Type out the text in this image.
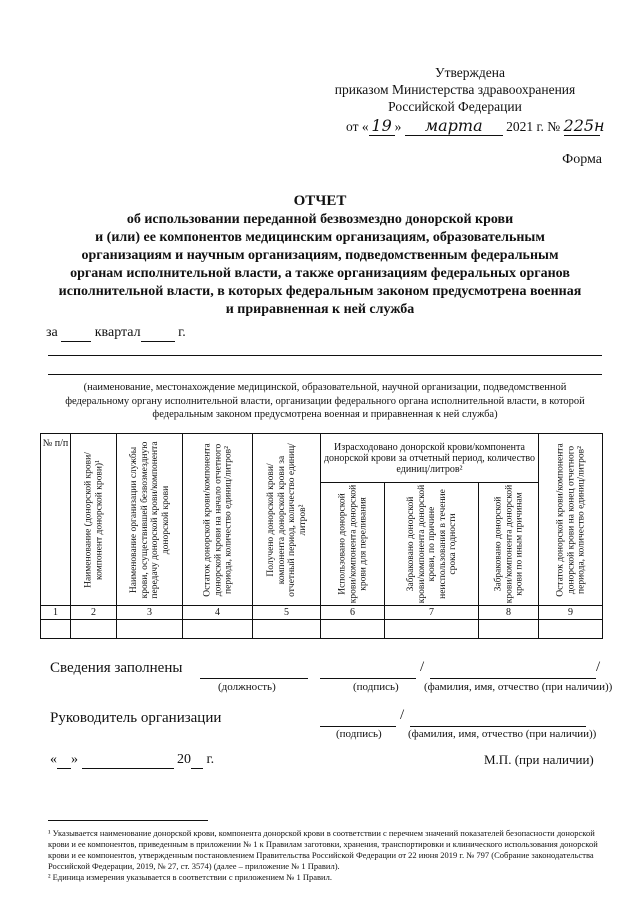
Утверждена
приказом Министерства здравоохранения
Российской Федерации
от « 19 » марта 2021 г. № 225н
Форма
ОТЧЕТ
об использовании переданной безвозмездно донорской крови
и (или) ее компонентов медицинским организациям, образовательным
организациям и научным организациям, подведомственным федеральным
органам исполнительной власти, а также организациям федеральных органов
исполнительной власти, в которых федеральным законом предусмотрена военная
и приравненная к ней служба
за	квартал	г.
(наименование, местонахождение медицинской, образовательной, научной организации, подведомственной федеральному органу исполнительной власти, организации федерального органа исполнительной власти, в которой федеральным законом предусмотрена военная и приравненная к ней служба)
№ п/п	Наименование (донорской крови/компонент донорской крови)¹	Наименование организации службы крови, осуществившей безвозмездную передачу донорской крови/компонента донорской крови	Остаток донорской крови/компонента донорской крови на начало отчетного периода, количество единиц/литров²	Получено донорской крови/компонента донорской крови за отчетный период, количество единиц/литров²	Израсходовано донорской крови/компонента донорской крови за отчетный период, количество единиц/литров²			Остаток донорской крови/компонента донорской крови на конец отчетного периода, количество единиц/литров²

					Использовано донорской крови/компонента донорской крови для переливания	Забраковано донорской крови/компонента донорской крови, по причине неиспользования в течение срока годности	Забраковано донорской крови/компонента донорской крови по иным причинам	

1	2	3	4	5	6	7	8	9

Сведения заполнены	/	/
(должность)	(подпись) (фамилия, имя, отчество (при наличии))
Руководитель организации	/
(подпись) (фамилия, имя, отчество (при наличии))
« »	20 г.	М.П. (при наличии)
¹ Указывается наименование донорской крови, компонента донорской крови в соответствии с перечнем значений показателей безопасности донорской крови и ее компонентов, приведенным в приложении № 1 к Правилам заготовки, хранения, транспортировки и клинического использования донорской крови и ее компонентов, утвержденным постановлением Правительства Российской Федерации от 22 июня 2019 г. № 797 (Собрание законодательства Российской Федерации, 2019, № 27, ст. 3574) (далее – приложение № 1 Правил).
² Единица измерения указывается в соответствии с приложением № 1 Правил.
